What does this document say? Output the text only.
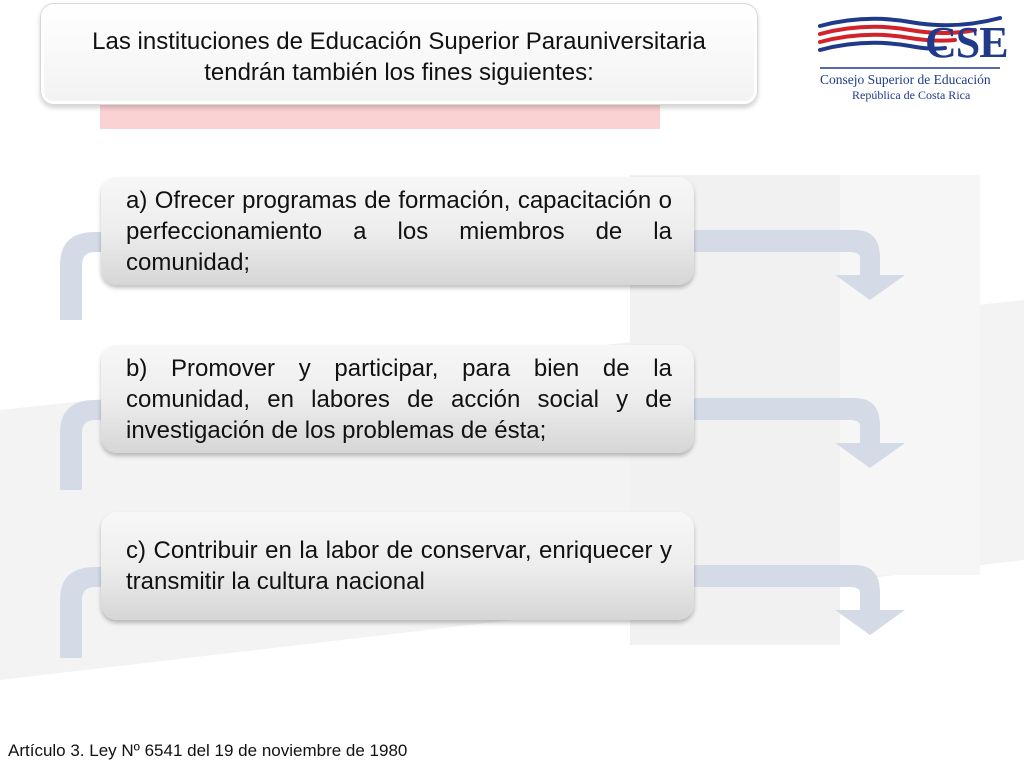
Las instituciones de Educación Superior Parauniversitaria
tendrán también los fines siguientes:
CSE
Consejo Superior de Educación
República de Costa Rica
a) Ofrecer programas de formación, capacitación o perfeccionamiento a los miembros de la comunidad;
b) Promover y participar, para bien de la comunidad, en labores de acción social y de investigación de los problemas de ésta;
c) Contribuir en la labor de conservar, enriquecer y transmitir la cultura nacional
Artículo 3. Ley Nº 6541 del 19 de noviembre de 1980
